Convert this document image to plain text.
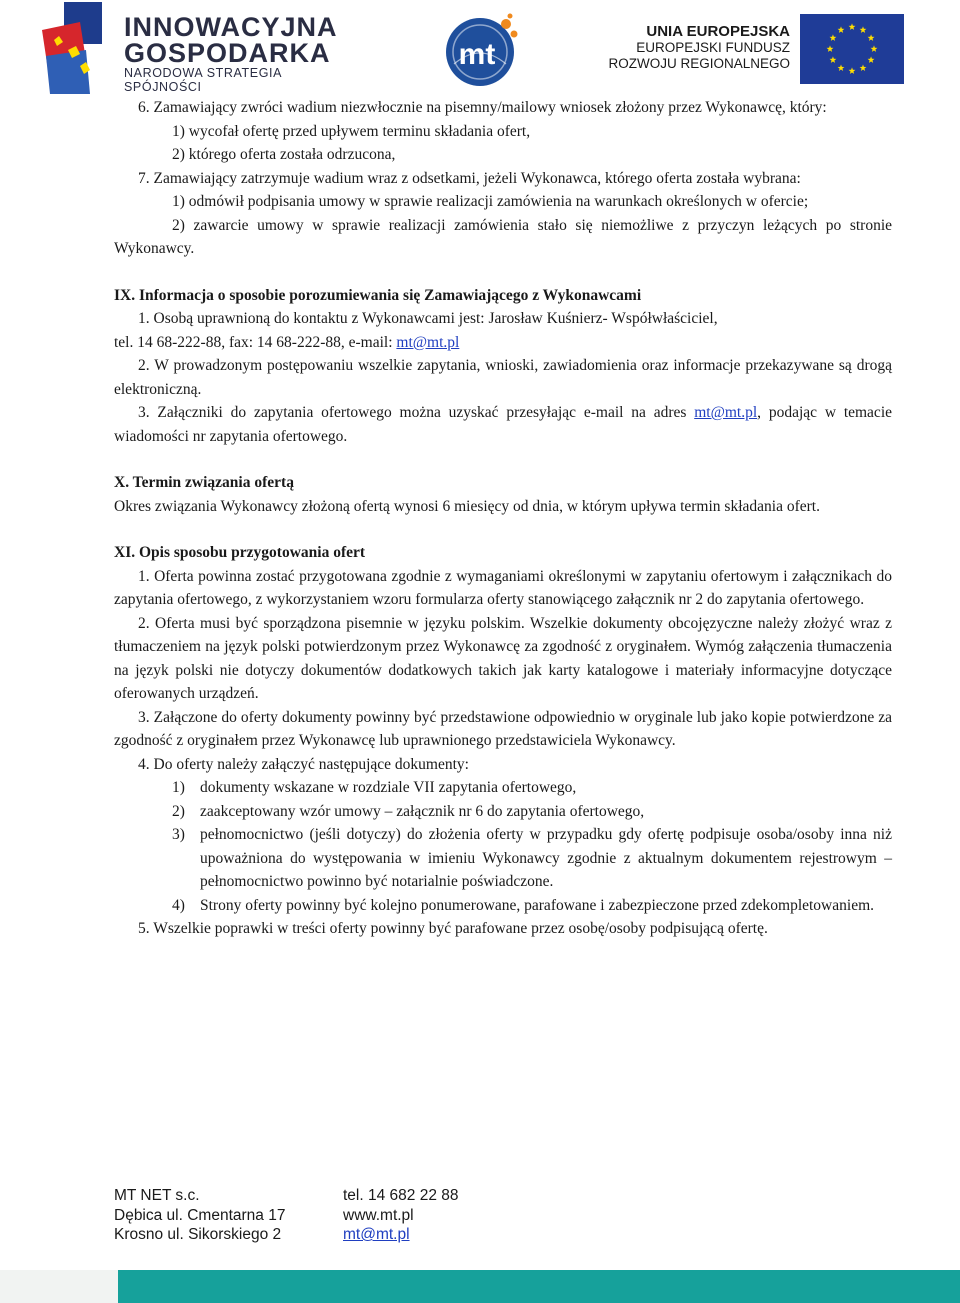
INNOWACYJNA
GOSPODARKA
NARODOWA STRATEGIA SPÓJNOŚCI
mt
UNIA EUROPEJSKA
EUROPEJSKI FUNDUSZ
ROZWOJU REGIONALNEGO

6. Zamawiający zwróci wadium niezwłocznie na pisemny/mailowy wniosek złożony przez Wykonawcę, który:

1) wycofał ofertę przed upływem terminu składania ofert,

2) którego oferta została odrzucona,

7. Zamawiający zatrzymuje wadium wraz z odsetkami, jeżeli Wykonawca, którego oferta została wybrana:

1) odmówił podpisania umowy w sprawie realizacji zamówienia na warunkach określonych w ofercie;

2) zawarcie umowy w sprawie realizacji zamówienia stało się niemożliwe z przyczyn leżących po stronie Wykonawcy.

IX. Informacja o sposobie porozumiewania się Zamawiającego z Wykonawcami

1. Osobą uprawnioną do kontaktu z Wykonawcami jest: Jarosław Kuśnierz- Współwłaściciel,

tel. 14 68-222-88, fax: 14 68-222-88, e-mail: mt@mt.pl

2. W prowadzonym postępowaniu wszelkie zapytania, wnioski, zawiadomienia oraz informacje przekazywane są drogą elektroniczną.

3. Załączniki do zapytania ofertowego można uzyskać przesyłając e-mail na adres mt@mt.pl, podając w temacie wiadomości nr zapytania ofertowego.

X. Termin związania ofertą

Okres związania Wykonawcy złożoną ofertą wynosi 6 miesięcy od dnia, w którym upływa termin składania ofert.

XI. Opis sposobu przygotowania ofert

1. Oferta powinna zostać przygotowana zgodnie z wymaganiami określonymi w zapytaniu ofertowym i załącznikach do zapytania ofertowego, z wykorzystaniem wzoru formularza oferty stanowiącego załącznik nr 2 do zapytania ofertowego.

2. Oferta musi być sporządzona pisemnie w języku polskim. Wszelkie dokumenty obcojęzyczne należy złożyć wraz z tłumaczeniem na język polski potwierdzonym przez Wykonawcę za zgodność z oryginałem. Wymóg załączenia tłumaczenia na język polski nie dotyczy dokumentów dodatkowych takich jak karty katalogowe i materiały informacyjne dotyczące oferowanych urządzeń.

3. Załączone do oferty dokumenty powinny być przedstawione odpowiednio w oryginale lub jako kopie potwierdzone za zgodność z oryginałem przez Wykonawcę lub uprawnionego przedstawiciela Wykonawcy.

4. Do oferty należy załączyć następujące dokumenty:

1) dokumenty wskazane w rozdziale VII zapytania ofertowego,

2) zaakceptowany wzór umowy – załącznik nr 6 do zapytania ofertowego,

3) pełnomocnictwo (jeśli dotyczy) do złożenia oferty w przypadku gdy ofertę podpisuje osoba/osoby inna niż upoważniona do występowania w imieniu Wykonawcy zgodnie z aktualnym dokumentem rejestrowym – pełnomocnictwo powinno być notarialnie poświadczone.

4) Strony oferty powinny być kolejno ponumerowane, parafowane i zabezpieczone przed zdekompletowaniem.

5. Wszelkie poprawki w treści oferty powinny być parafowane przez osobę/osoby podpisującą ofertę.

MT NET s.c.
Dębica ul. Cmentarna 17
Krosno ul. Sikorskiego 2
tel. 14 682 22 88
www.mt.pl
mt@mt.pl
